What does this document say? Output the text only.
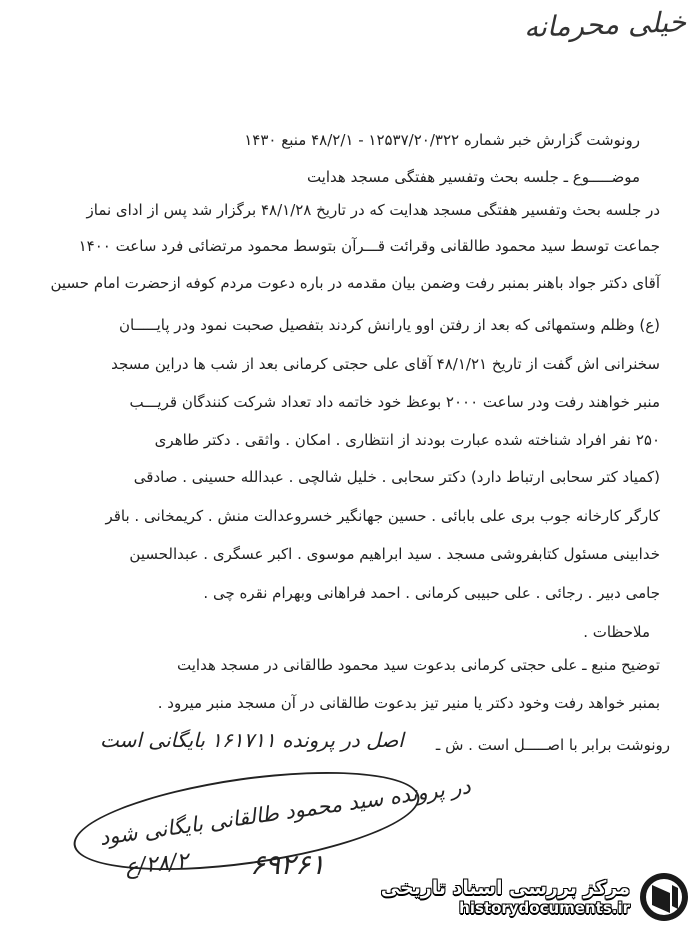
خیلی محرمانه
رونوشت گزارش خبر شماره ۱۲۵۳۷/۲۰/۳۲۲ - ۴۸/۲/۱ منبع ۱۴۳۰
موضـــــوع ـ جلسه بحث وتفسیر هفتگی مسجد هدایت
در جلسه بحث وتفسیر هفتگی مسجد هدایت که در تاریخ ۴۸/۱/۲۸ برگزار شد پس از ادای نماز
جماعت توسط سید محمود طالقانی وقرائت قـــرآن بتوسط محمود مرتضائی فرد ساعت ۱۴۰۰
آقای دکتر جواد باهنر بمنبر رفت وضمن بیان مقدمه در باره دعوت مردم کوفه ازحضرت امام حسین
(ع) وظلم وستمهائی که بعد از رفتن اوو یارانش کردند بتفصیل صحبت نمود ودر پایـــــان
سخنرانی اش گفت از تاریخ ۴۸/۱/۲۱ آقای علی حجتی کرمانی بعد از شب ها دراین مسجد
منبر خواهند رفت ودر ساعت ۲۰۰۰ بوعظ خود خاتمه داد تعداد شرکت کنندگان قریـــب
۲۵۰ نفر افراد شناخته شده عبارت بودند از انتظاری . امکان . واثقی . دکتر طاهری
(کمیاد کتر سحابی ارتباط دارد) دکتر سحابی . خلیل شالچی . عبدالله حسینی . صادقی
کارگر کارخانه جوب بری علی بابائی . حسین جهانگیر خسروعدالت منش . کریمخانی . باقر
خدابینی مسئول کتابفروشی مسجد . سید ابراهیم موسوی . اکبر عسگری . عبدالحسین
جامی دبیر . رجائی . علی حبیبی کرمانی . احمد فراهانی وبهرام نقره چی .
ملاحظات .
توضیح منبع ـ علی حجتی کرمانی بدعوت سید محمود طالقانی در مسجد هدایت
بمنبر خواهد رفت وخود دکتر یا منیر تیز بدعوت طالقانی در آن مسجد منبر میرود .
رونوشت برابر با اصـــــل است . ش ـ
اصل در پرونده ۱۶۱۷۱۱ بایگانی است
در پرونده سید محمود طالقانی بایگانی شود
۶۹۲۶۱
۲۸/۲/ع
مرکز بررسی اسناد تاریخی
historydocuments.ir
